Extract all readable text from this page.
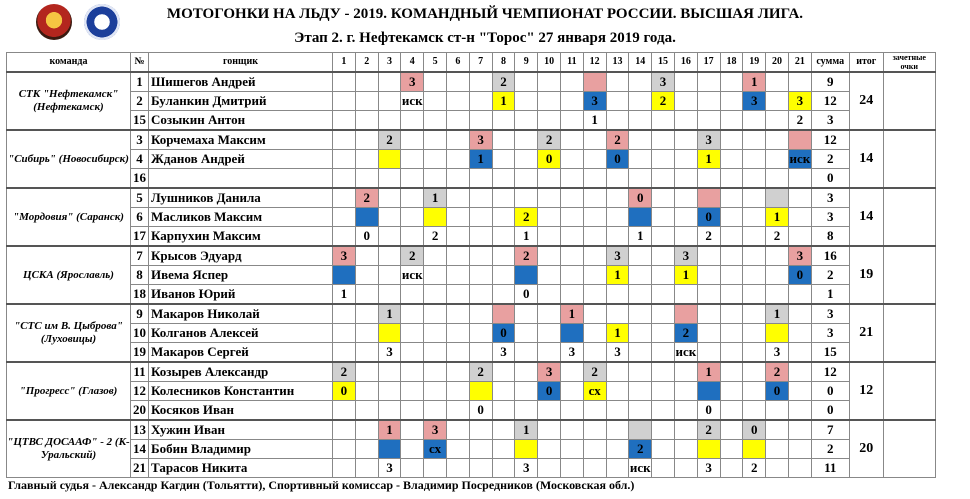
МОТОГОНКИ НА ЛЬДУ - 2019. КОМАНДНЫЙ ЧЕМПИОНАТ РОССИИ. ВЫСШАЯ ЛИГА.
Этап 2. г. Нефтекамск ст-н "Торос" 27 января 2019 года.
команда	№	гонщик	1	2	3	4	5	6	7	8	9	10	11	12	13	14	15	16	17	18	19	20	21	сумма	итог	зачетные очки
СТК "Нефтекамск" (Нефтекамск)	1	Шишегов Андрей				3				2							3				1			9	24	
	2	Буланкин Дмитрий				иск				1				3			2				3		3	12		
	15	Созыкин Антон												1									2	3		
"Сибирь" (Новосибирск)	3	Корчемаха Максим			2				3			2			2				3					12	14	
	4	Жданов Андрей							1			0			0				1				иск	2		
	16																							0		
"Мордовия" (Саранск)	5	Лушников Данила		2			1									0								3	14	
	6	Масликов Максим									2								0			1		3		
	17	Карпухин Максим		0			2				1					1			2			2		8		
ЦСКА (Ярославль)	7	Крысов Эдуард	3			2					2				3			3					3	16	19	
	8	Ивема Яспер				иск									1			1					0	2		
	18	Иванов Юрий	1								0													1		
"СТС им В. Цыброва" (Луховицы)	9	Макаров Николай			1								1									1		3	21	
	10	Колганов Алексей								0					1			2						3		
	19	Макаров Сергей			3					3			3		3			иск				3		15		
"Прогресс" (Глазов)	11	Козырев Александр	2						2			3		2					1			2		12	12	
	12	Колесников Константин	0									0		сх								0		0		
	20	Косяков Иван							0										0					0		
"ЦТВС ДОСААФ" - 2 (К-Уральский)	13	Хужин Иван			1		3				1								2		0			7	20	
	14	Бобин Владимир					сх									2								2		
	21	Тарасов Никита			3						3					иск			3		2			11		
Главный судья - Александр Кагдин (Тольятти), Спортивный комиссар - Владимир Посредников (Московская обл.)
